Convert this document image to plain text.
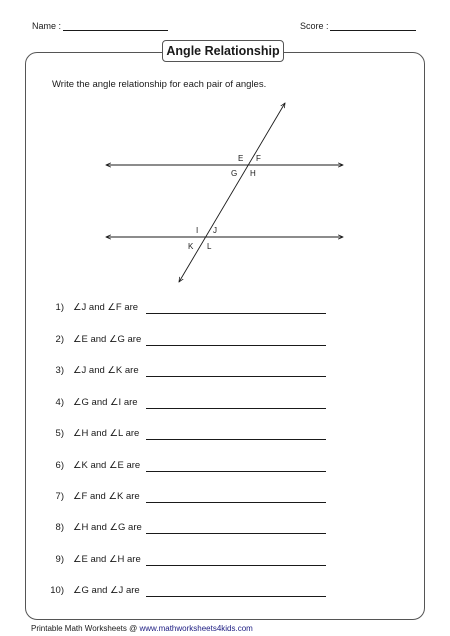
Name :	Score :
Angle Relationship
Write the angle relationship for each pair of angles.
E F
G H
I J
K L
1) ∠J and ∠F are
2) ∠E and ∠G are
3) ∠J and ∠K are
4) ∠G and ∠I are
5) ∠H and ∠L are
6) ∠K and ∠E are
7) ∠F and ∠K are
8) ∠H and ∠G are
9) ∠E and ∠H are
10) ∠G and ∠J are
Printable Math Worksheets @ www.mathworksheets4kids.com
